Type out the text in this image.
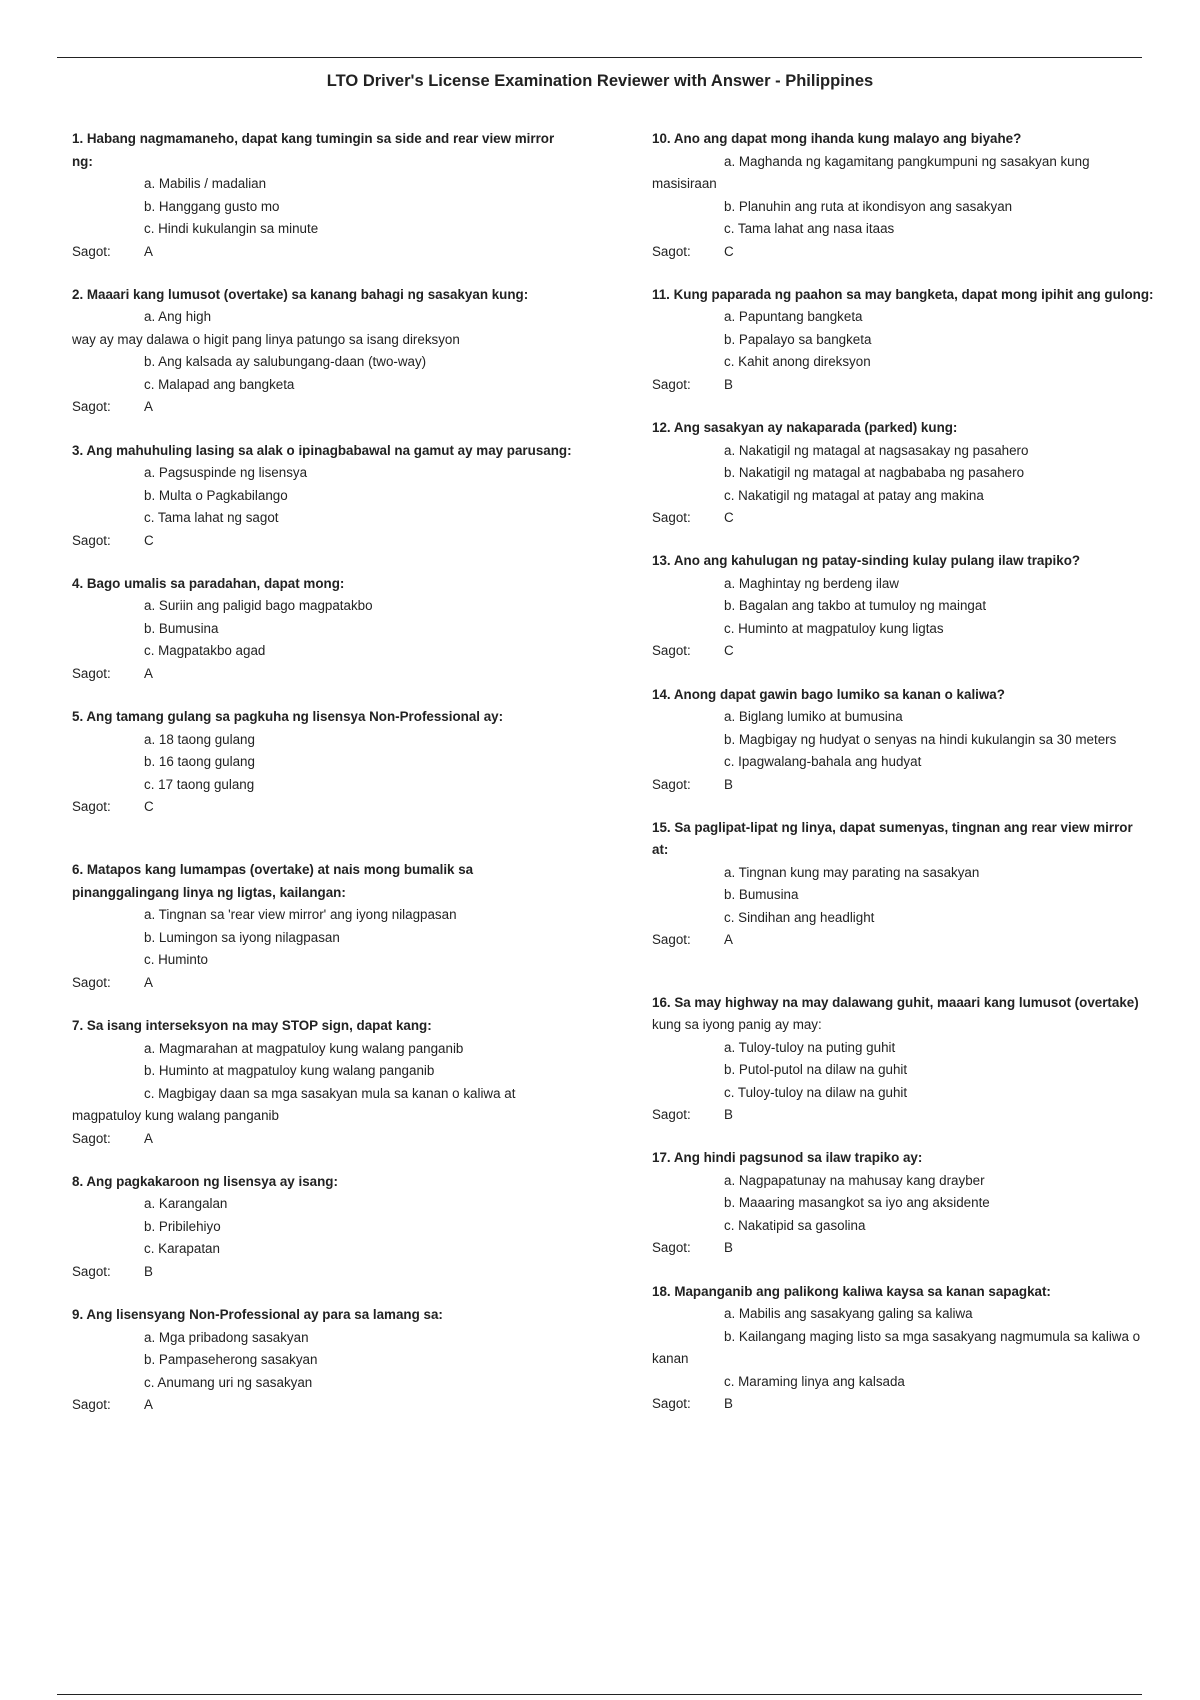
LTO Driver's License Examination Reviewer with Answer - Philippines
1. Habang nagmamaneho, dapat kang tumingin sa side and rear view mirror
ng:
a. Mabilis / madalian
b. Hanggang gusto mo
c. Hindi kukulangin sa minute
Sagot:	A
2. Maaari kang lumusot (overtake) sa kanang bahagi ng sasakyan kung:
a. Ang high
way ay may dalawa o higit pang linya patungo sa isang direksyon
b. Ang kalsada ay salubungang-daan (two-way)
c. Malapad ang bangketa
Sagot:	A
3. Ang mahuhuling lasing sa alak o ipinagbabawal na gamut ay may parusang:
a. Pagsuspinde ng lisensya
b. Multa o Pagkabilango
c. Tama lahat ng sagot
Sagot:	C
4. Bago umalis sa paradahan, dapat mong:
a. Suriin ang paligid bago magpatakbo
b. Bumusina
c. Magpatakbo agad
Sagot:	A
5. Ang tamang gulang sa pagkuha ng lisensya Non-Professional ay:
a. 18 taong gulang
b. 16 taong gulang
c. 17 taong gulang
Sagot:	C
6. Matapos kang lumampas (overtake) at nais mong bumalik sa
pinanggalingang linya ng ligtas, kailangan:
a. Tingnan sa 'rear view mirror' ang iyong nilagpasan
b. Lumingon sa iyong nilagpasan
c. Huminto
Sagot:	A
7. Sa isang interseksyon na may STOP sign, dapat kang:
a. Magmarahan at magpatuloy kung walang panganib
b. Huminto at magpatuloy kung walang panganib
c. Magbigay daan sa mga sasakyan mula sa kanan o kaliwa at
magpatuloy kung walang panganib
Sagot:	A
8. Ang pagkakaroon ng lisensya ay isang:
a. Karangalan
b. Pribilehiyo
c. Karapatan
Sagot:	B
9. Ang lisensyang Non-Professional ay para sa lamang sa:
a. Mga pribadong sasakyan
b. Pampaseherong sasakyan
c. Anumang uri ng sasakyan
Sagot:	A
10. Ano ang dapat mong ihanda kung malayo ang biyahe?
a. Maghanda ng kagamitang pangkumpuni ng sasakyan kung
masisiraan
b. Planuhin ang ruta at ikondisyon ang sasakyan
c. Tama lahat ang nasa itaas
Sagot:	C
11. Kung paparada ng paahon sa may bangketa, dapat mong ipihit ang gulong:
a. Papuntang bangketa
b. Papalayo sa bangketa
c. Kahit anong direksyon
Sagot:	B
12. Ang sasakyan ay nakaparada (parked) kung:
a. Nakatigil ng matagal at nagsasakay ng pasahero
b. Nakatigil ng matagal at nagbababa ng pasahero
c. Nakatigil ng matagal at patay ang makina
Sagot:	C
13. Ano ang kahulugan ng patay-sinding kulay pulang ilaw trapiko?
a. Maghintay ng berdeng ilaw
b. Bagalan ang takbo at tumuloy ng maingat
c. Huminto at magpatuloy kung ligtas
Sagot:	C
14. Anong dapat gawin bago lumiko sa kanan o kaliwa?
a. Biglang lumiko at bumusina
b. Magbigay ng hudyat o senyas na hindi kukulangin sa 30 meters
c. Ipagwalang-bahala ang hudyat
Sagot:	B
15. Sa paglipat-lipat ng linya, dapat sumenyas, tingnan ang rear view mirror
at:
a. Tingnan kung may parating na sasakyan
b. Bumusina
c. Sindihan ang headlight
Sagot:	A
16. Sa may highway na may dalawang guhit, maaari kang lumusot (overtake)
kung sa iyong panig ay may:
a. Tuloy-tuloy na puting guhit
b. Putol-putol na dilaw na guhit
c. Tuloy-tuloy na dilaw na guhit
Sagot:	B
17. Ang hindi pagsunod sa ilaw trapiko ay:
a. Nagpapatunay na mahusay kang drayber
b. Maaaring masangkot sa iyo ang aksidente
c. Nakatipid sa gasolina
Sagot:	B
18. Mapanganib ang palikong kaliwa kaysa sa kanan sapagkat:
a. Mabilis ang sasakyang galing sa kaliwa
b. Kailangang maging listo sa mga sasakyang nagmumula sa kaliwa o
kanan
c. Maraming linya ang kalsada
Sagot:	B
